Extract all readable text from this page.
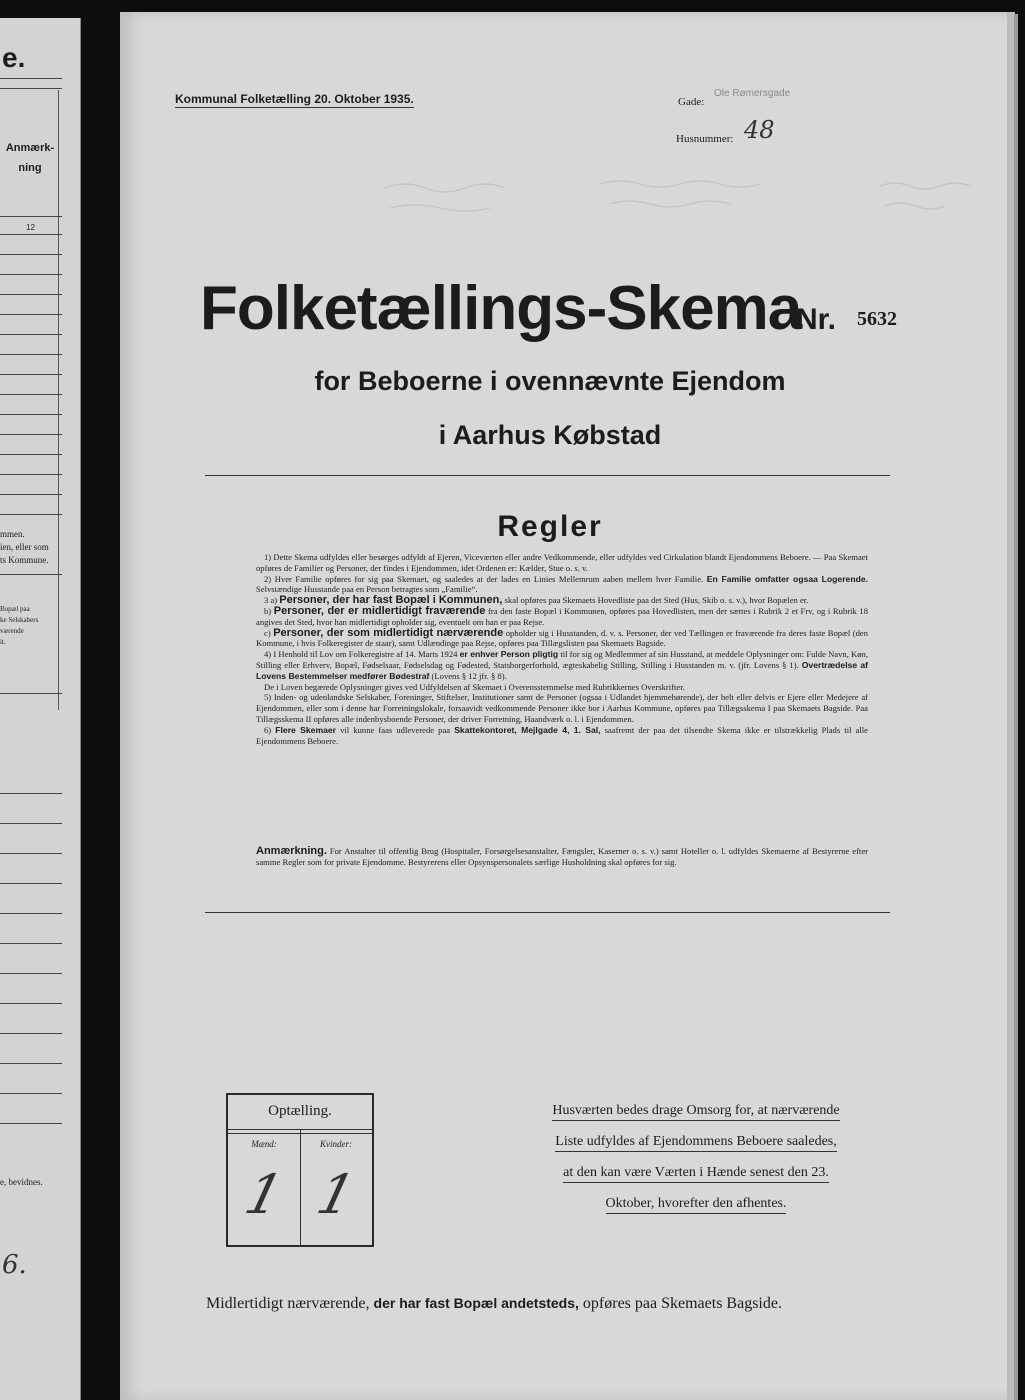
e.
Anmærk-
ning
12
mmen.
ien, eller som
ts Kommune.
Bopæl paa
ke Selskabers
værende
it.
e, bevidnes.
6.
Kommunal Folketælling 20. Oktober 1935.	Gade:
Ole Rømersgade
Husnummer: 48
Folketællings-Skema
Nr. 5632
for Beboerne i ovennævnte Ejendom
i Aarhus Købstad
Regler

1) Dette Skema udfyldes eller besørges udfyldt af Ejeren, Viceværten eller andre Vedkommende, eller udfyldes ved Cirkulation blandt Ejendommens Beboere. — Paa Skemaet opføres de Familier og Personer, der findes i Ejendommen, idet Ordenen er: Kælder, Stue o. s. v.

2) Hver Familie opføres for sig paa Skemaet, og saaledes at der lades en Linies Mellemrum aaben mellem hver Familie. En Familie omfatter ogsaa Logerende. Selvstændige Husstande paa en Person betragtes som „Familie“.

3 a) Personer, der har fast Bopæl i Kommunen, skal opføres paa Skemaets Hovedliste paa det Sted (Hus, Skib o. s. v.), hvor Bopælen er.

b) Personer, der er midlertidigt fraværende fra den faste Bopæl i Kommunen, opføres paa Hovedlisten, men der sættes i Rubrik 2 et Frv, og i Rubrik 18 angives det Sted, hvor han midlertidigt opholder sig, eventuelt om han er paa Rejse.

c) Personer, der som midlertidigt nærværende opholder sig i Husstanden, d. v. s. Personer, der ved Tællingen er fraværende fra deres faste Bopæl (den Kommune, i hvis Folkeregister de staar), samt Udlændinge paa Rejse, opføres paa Tillægslisten paa Skemaets Bagside.

4) I Henhold til Lov om Folkeregistre af 14. Marts 1924 er enhver Person pligtig til for sig og Medlemmer af sin Husstand, at meddele Oplysninger om: Fulde Navn, Køn, Stilling eller Erhverv, Bopæl, Fødselsaar, Fødselsdag og Fødested, Statsborgerforhold, ægteskabelig Stilling, Stilling i Husstanden m. v. (jfr. Lovens § 1). Overtrædelse af Lovens Bestemmelser medfører Bødestraf (Lovens § 12 jfr. § 8).

De i Loven begærede Oplysninger gives ved Udfyldelsen af Skemaet i Overensstemmelse med Rubrikkernes Overskrifter.

5) Inden- og udenlandske Selskaber, Foreninger, Stiftelser, Institutioner samt de Personer (ogsaa i Udlandet hjemmehørende), der helt eller delvis er Ejere eller Medejere af Ejendommen, eller som i denne har Forretningslokale, forsaavidt vedkommende Personer ikke bor i Aarhus Kommune, opføres paa Tillægsskema I paa Skemaets Bagside. Paa Tillægsskema II opføres alle indenbysboende Personer, der driver Forretning, Haandværk o. l. i Ejendommen.

6) Flere Skemaer vil kunne faas udleverede paa Skattekontoret, Mejlgade 4, 1. Sal, saafremt der paa det tilsendte Skema ikke er tilstrækkelig Plads til alle Ejendommens Beboere.

Anmærkning. For Anstalter til offentlig Brug (Hospitaler, Forsørgelsesanstalter, Fængsler, Kaserner o. s. v.) samt Hoteller o. l. udfyldes Skemaerne af Bestyrerne efter samme Regler som for private Ejendomme. Bestyrerens eller Opsynspersonalets særlige Husholdning skal opføres for sig.
Optælling.
Mænd:	Kvinder:
1 1
Husværten bedes drage Omsorg for, at nærværende
Liste udfyldes af Ejendommens Beboere saaledes,
at den kan være Værten i Hænde senest den 23.
Oktober, hvorefter den afhentes.
Midlertidigt nærværende, der har fast Bopæl andetsteds, opføres paa Skemaets Bagside.
